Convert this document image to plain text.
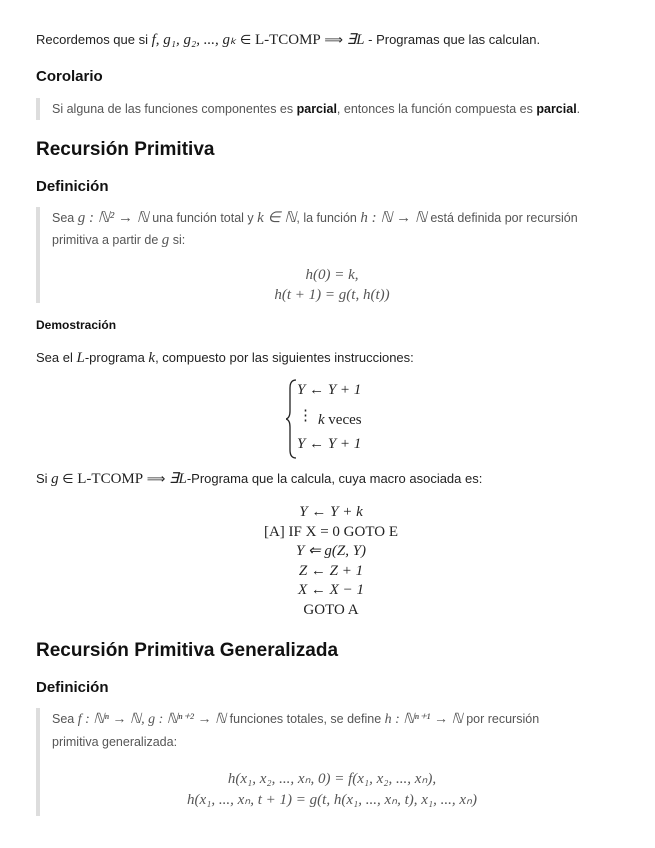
Recordemos que si f, g₁, g₂, ..., gₖ ∈ L-TCOMP ⟹ ∃L - Programas que las calculan.

Corolario

Si alguna de las funciones componentes es parcial, entonces la función compuesta es parcial.

Recursión Primitiva
Definición

Sea g : ℕ² → ℕ una función total y k ∈ ℕ, la función h : ℕ → ℕ está definida por recursión

primitiva a partir de g si:

h(0) = k,
h(t + 1) = g(t, h(t))
Demostración

Sea el L-programa k, compuesto por las siguientes instrucciones:

Y ← Y + 1
⋮ k veces
Y ← Y + 1

Si g ∈ L-TCOMP ⟹ ∃L-Programa que la calcula, cuya macro asociada es:

Y ← Y + k
[A] IF X = 0 GOTO E
Y ⇐ g(Z, Y)
Z ← Z + 1
X ← X − 1
GOTO A
Recursión Primitiva Generalizada
Definición

Sea f : ℕⁿ → ℕ, g : ℕⁿ⁺² → ℕ funciones totales, se define h : ℕⁿ⁺¹ → ℕ por recursión

primitiva generalizada:

h(x₁, x₂, ..., xₙ, 0) = f(x₁, x₂, ..., xₙ),
h(x₁, ..., xₙ, t + 1) = g(t, h(x₁, ..., xₙ, t), x₁, ..., xₙ)
